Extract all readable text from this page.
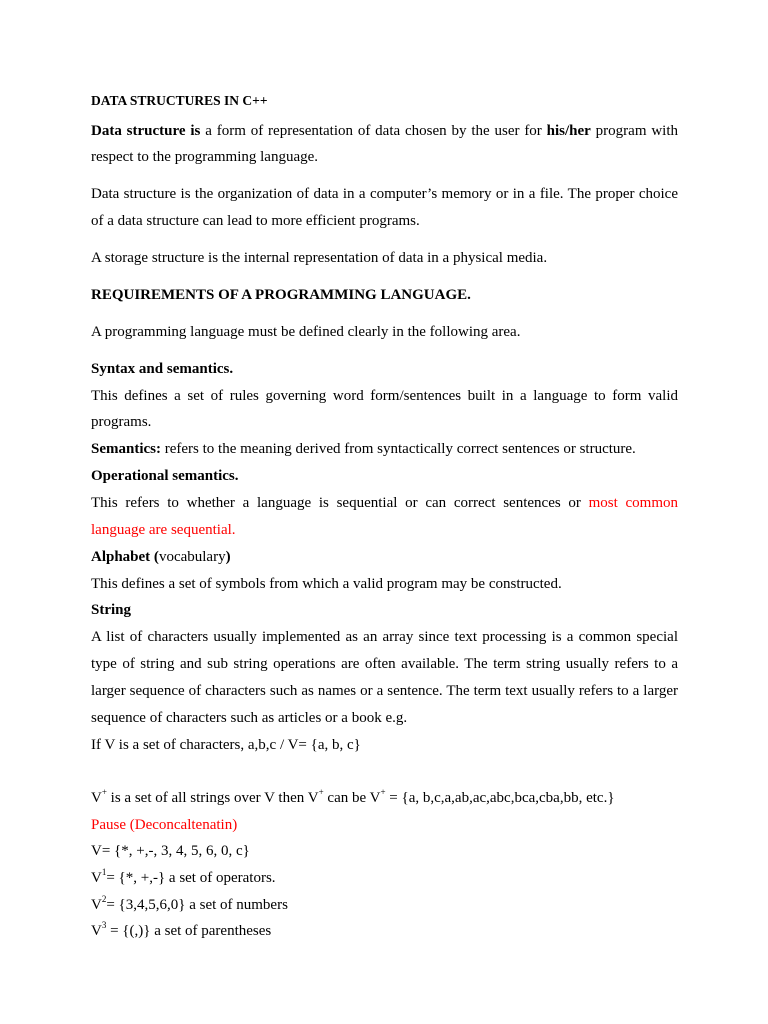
DATA STRUCTURES IN C++
Data structure is a form of representation of data chosen by the user for his/her program with
respect to the programming language.
Data structure is the organization of data in a computer’s memory or in a file. The proper choice
of a data structure can lead to more efficient programs.
A storage structure is the internal representation of data in a physical media.
REQUIREMENTS OF A PROGRAMMING LANGUAGE.
A programming language must be defined clearly in the following area.
Syntax and semantics.
This defines a set of rules governing word form/sentences built in a language to form valid
programs.
Semantics: refers to the meaning derived from syntactically correct sentences or structure.
Operational semantics.
This refers to whether a language is sequential or can correct sentences or most common
language are sequential.
Alphabet (vocabulary)
This defines a set of symbols from which a valid program may be constructed.
String
A list of characters usually implemented as an array since text processing is a common special
type of string and sub string operations are often available. The term string usually refers to a
larger sequence of characters such as names or a sentence. The term text usually refers to a larger
sequence of characters such as articles or a book e.g.
If V is a set of characters, a,b,c / V= {a, b, c}
V+ is a set of all strings over V then V+ can be V+ = {a, b,c,a,ab,ac,abc,bca,cba,bb, etc.}
Pause (Deconcaltenatin)
V= {*, +,-, 3, 4, 5, 6, 0, c}
$V^1=$ {*, +,-} a set of operators.
$V^2= \{3,4,5,6,0\}$ a set of numbers
$V^3$ = {(,)} a set of parentheses
